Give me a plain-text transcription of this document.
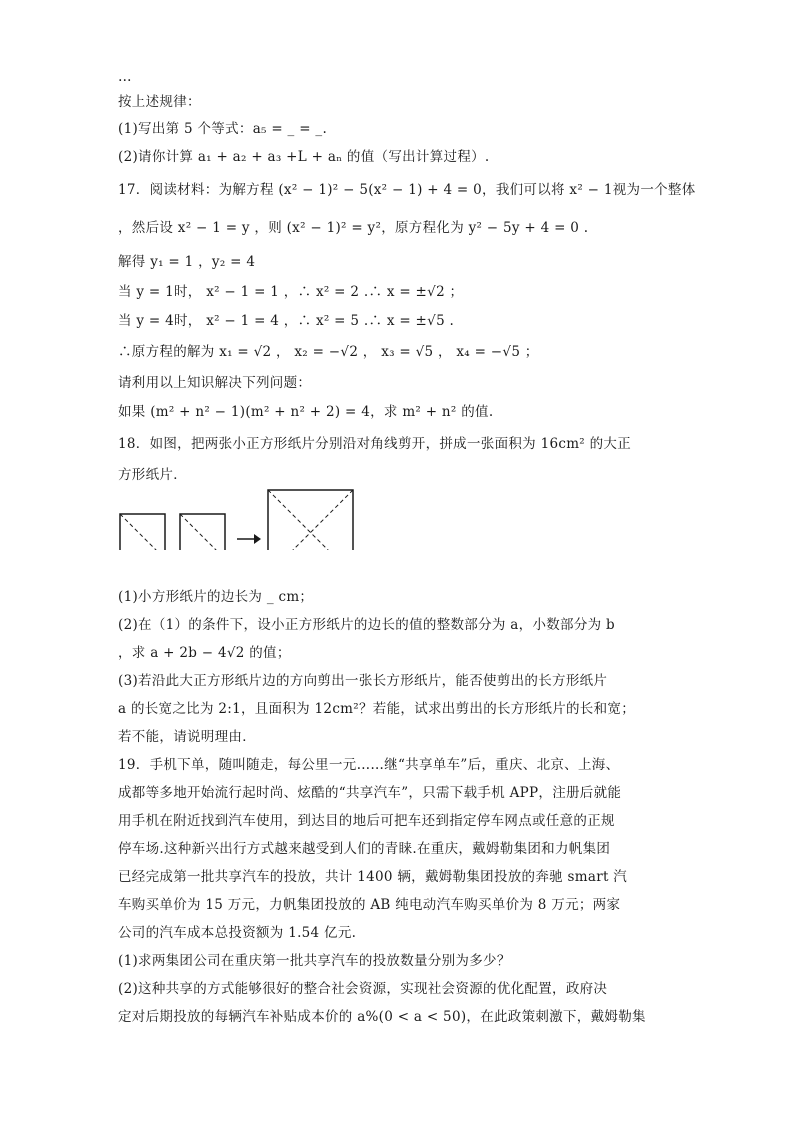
…
按上述规律：
(1)写出第 5 个等式：a₅ = _ = _.
(2)请你计算 a₁ + a₂ + a₃ +L + aₙ 的值（写出计算过程）.
17．阅读材料：为解方程 (x² − 1)² − 5(x² − 1) + 4 = 0，我们可以将 x² − 1视为一个整体
，然后设 x² − 1 = y ，则 (x² − 1)² = y²，原方程化为 y² − 5y + 4 = 0 .
解得 y₁ = 1 ，y₂ = 4
当 y = 1时， x² − 1 = 1 ，∴ x² = 2 .∴ x = ±√2 ；
当 y = 4时， x² − 1 = 4 ，∴ x² = 5 .∴ x = ±√5 .
∴原方程的解为 x₁ = √2 ， x₂ = −√2 ， x₃ = √5 ， x₄ = −√5 ；
请利用以上知识解决下列问题：
如果 (m² + n² − 1)(m² + n² + 2) = 4，求 m² + n² 的值.
18．如图，把两张小正方形纸片分别沿对角线剪开，拼成一张面积为 16cm² 的大正
方形纸片．
(1)小方形纸片的边长为 _ cm；
(2)在（1）的条件下，设小正方形纸片的边长的值的整数部分为 a，小数部分为 b
，求 a + 2b − 4√2 的值；
(3)若沿此大正方形纸片边的方向剪出一张长方形纸片，能否使剪出的长方形纸片
a 的长宽之比为 2:1，且面积为 12cm²？若能，试求出剪出的长方形纸片的长和宽；
若不能，请说明理由．
19．手机下单，随叫随走，每公里一元……继“共享单车”后，重庆、北京、上海、
成都等多地开始流行起时尚、炫酷的“共享汽车”，只需下载手机 APP，注册后就能
用手机在附近找到汽车使用，到达目的地后可把车还到指定停车网点或任意的正规
停车场.这种新兴出行方式越来越受到人们的青睐.在重庆，戴姆勒集团和力帆集团
已经完成第一批共享汽车的投放，共计 1400 辆，戴姆勒集团投放的奔驰 smart 汽
车购买单价为 15 万元，力帆集团投放的 AB 纯电动汽车购买单价为 8 万元；两家
公司的汽车成本总投资额为 1.54 亿元.
(1)求两集团公司在重庆第一批共享汽车的投放数量分别为多少？
(2)这种共享的方式能够很好的整合社会资源，实现社会资源的优化配置，政府决
定对后期投放的每辆汽车补贴成本价的 a%(0 < a < 50)，在此政策刺激下，戴姆勒集
